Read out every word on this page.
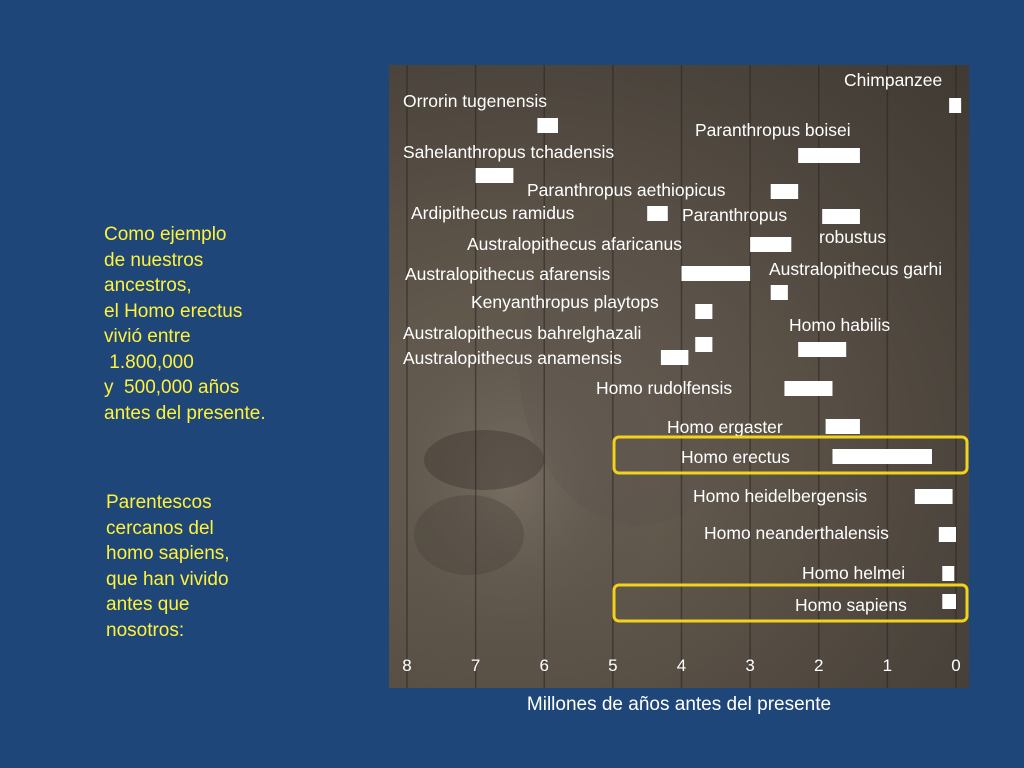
Como ejemplo
de nuestros
ancestros,
el Homo erectus
vivió entre
1.800,000
y  500,000 años
antes del presente.
Parentescos
cercanos del
homo sapiens,
que han vivido
antes que
nosotros:
Chimpanzee
Orrorin tugenensis
Paranthropus boisei
Sahelanthropus tchadensis
Paranthropus aethiopicus
Ardipithecus ramidus	Paranthropus
robustus
Australopithecus afaricanus
Australopithecus afarensis	Australopithecus garhi
Kenyanthropus playtops
Homo habilis
Australopithecus bahrelghazali
Australopithecus anamensis
Homo rudolfensis
Homo ergaster
Homo erectus
Homo heidelbergensis
Homo neanderthalensis
Homo helmei
Homo sapiens
8	7	6	5	4	3	2	1	0
Millones de años antes del presente
